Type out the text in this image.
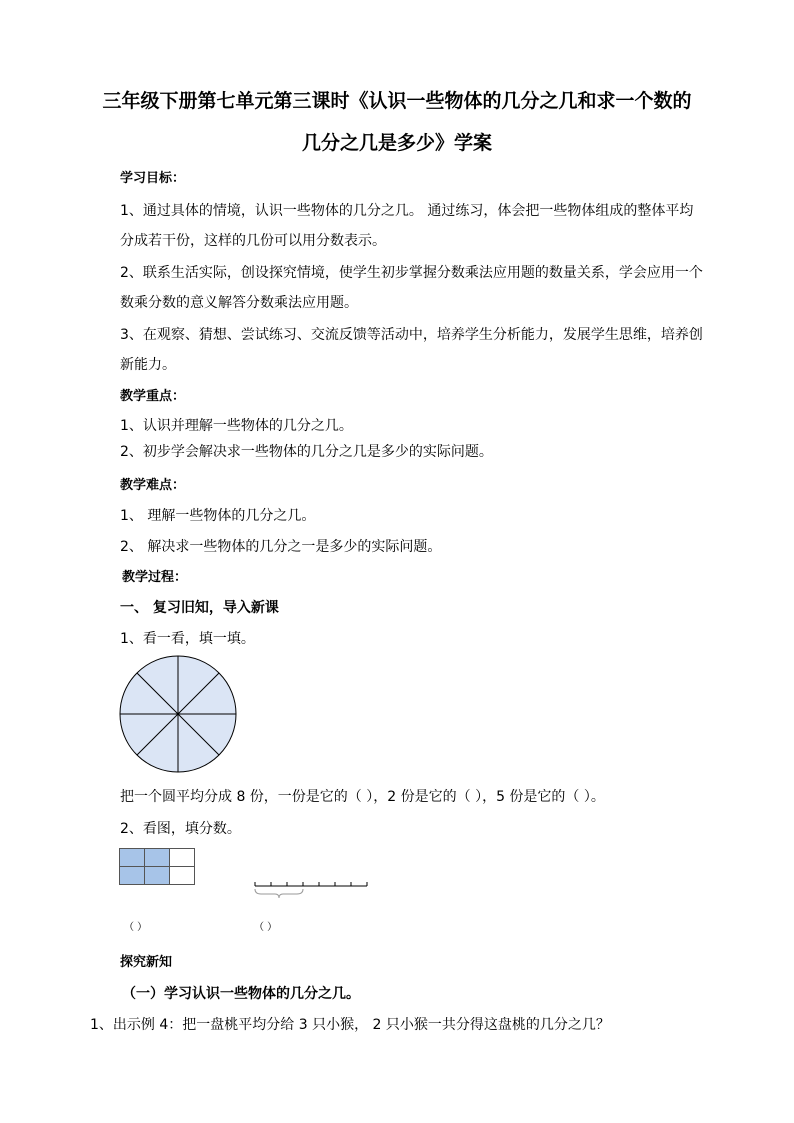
三年级下册第七单元第三课时《认识一些物体的几分之几和求一个数的
几分之几是多少》学案
学习目标：
1、通过具体的情境，认识一些物体的几分之几。 通过练习，体会把一些物体组成的整体平均
分成若干份，这样的几份可以用分数表示。
2、联系生活实际，创设探究情境，使学生初步掌握分数乘法应用题的数量关系，学会应用一个
数乘分数的意义解答分数乘法应用题。
3、在观察、猜想、尝试练习、交流反馈等活动中，培养学生分析能力，发展学生思维，培养创
新能力。
教学重点：
1、认识并理解一些物体的几分之几。
2、初步学会解决求一些物体的几分之几是多少的实际问题。
教学难点：
1、 理解一些物体的几分之几。
2、 解决求一些物体的几分之一是多少的实际问题。
教学过程：
一、 复习旧知，导入新课
1、看一看，填一填。
把一个圆平均分成 8 份，一份是它的（ ），2 份是它的（ ），5 份是它的（ ）。
2、看图，填分数。
（ ）	（ ）
探究新知
（一）学习认识一些物体的几分之几。
1、出示例 4：把一盘桃平均分给 3 只小猴， 2 只小猴一共分得这盘桃的几分之几？
